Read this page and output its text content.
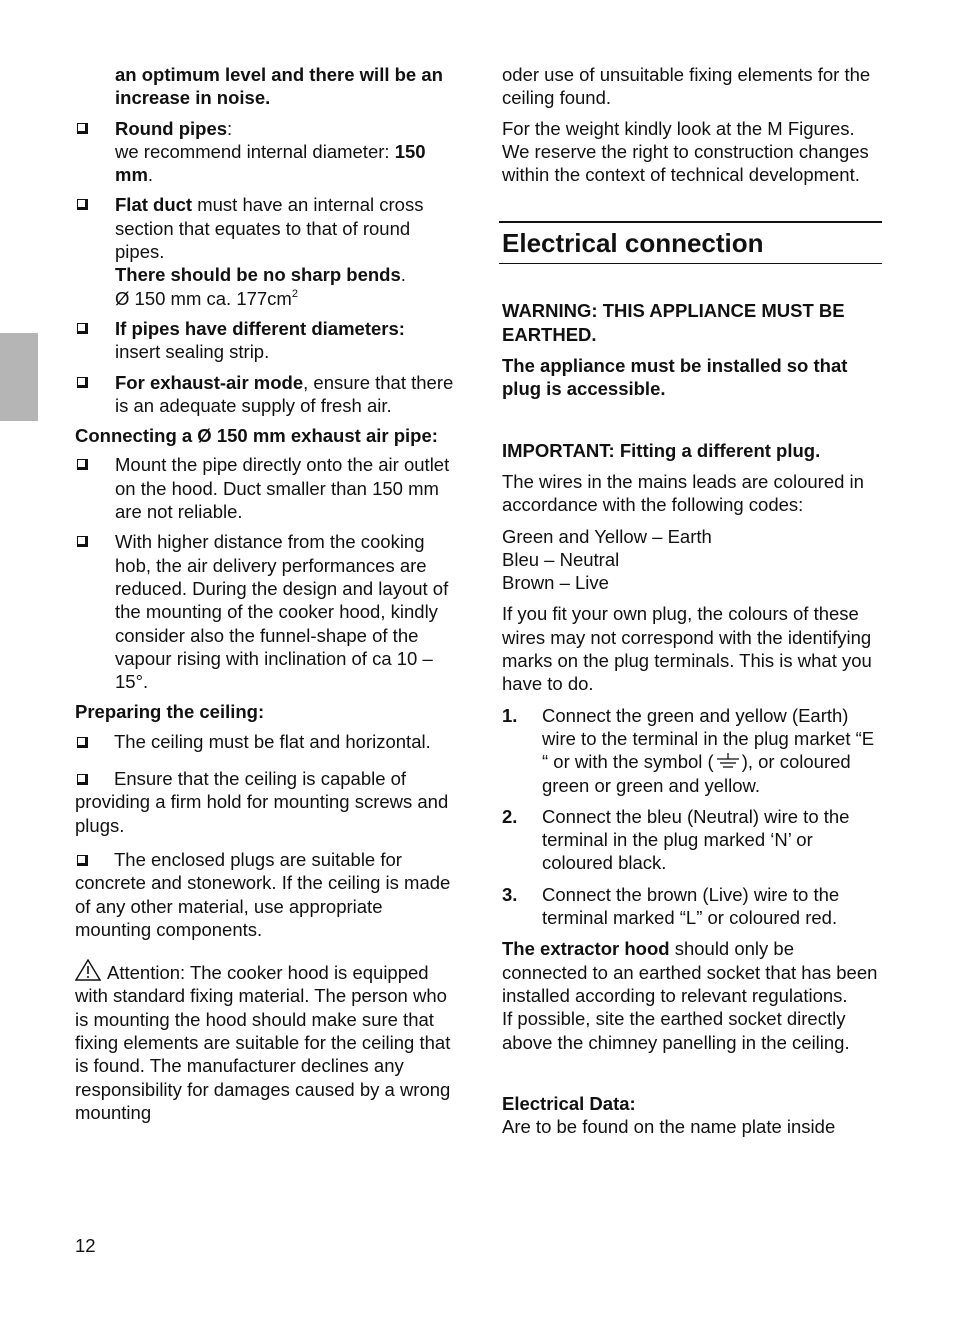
an optimum level and there will be an increase in noise.

Round pipes:
we recommend internal diameter: 150 mm.
Flat duct must have an internal cross section that equates to that of round pipes.
There should be no sharp bends.
Ø 150 mm ca. $177cm^2$
If pipes have different diameters:
insert sealing strip.
For exhaust-air mode, ensure that there is an adequate supply of fresh air.

Connecting a Ø 150 mm exhaust air pipe:

Mount the pipe directly onto the air outlet on the hood. Duct smaller than 150 mm are not reliable.
With higher distance from the cooking hob, the air delivery performances are reduced. During the design and layout of the mounting of the cooker hood, kindly consider also the funnel-shape of the vapour rising with inclination of ca 10 – 15°.

Preparing the ceiling:

The ceiling must be flat and horizontal.

Ensure that the ceiling is capable of providing a firm hold for mounting screws and plugs.

The enclosed plugs are suitable for concrete and stonework. If the ceiling is made of any other material, use appropriate mounting components.

Attention: The cooker hood is equipped with standard fixing material. The person who is mounting the hood should make sure that fixing elements are suitable for the ceiling that is found. The manufacturer declines any responsibility for damages caused by a wrong mounting

oder use of unsuitable fixing elements for the ceiling found.

For the weight kindly look at the M Figures. We reserve the right to construction changes within the context of technical development.

Electrical connection

WARNING: THIS APPLIANCE MUST BE EARTHED.

The appliance must be installed so that plug is accessible.

IMPORTANT: Fitting a different plug.

The wires in the mains leads are coloured in accordance with the following codes:

Green and Yellow – Earth

Bleu – Neutral

Brown – Live

If you fit your own plug, the colours of these wires may not correspond with the identifying marks on the plug terminals. This is what you have to do.

1. Connect the green and yellow (Earth) wire to the terminal in the plug market “E “ or with the symbol ( ), or coloured green or green and yellow.
2. Connect the bleu (Neutral) wire to the terminal in the plug marked ‘N’ or coloured black.
3. Connect the brown (Live) wire to the terminal marked “L” or coloured red.

The extractor hood should only be connected to an earthed socket that has been installed according to relevant regulations.

If possible, site the earthed socket directly above the chimney panelling in the ceiling.

Electrical Data:

Are to be found on the name plate inside

12
